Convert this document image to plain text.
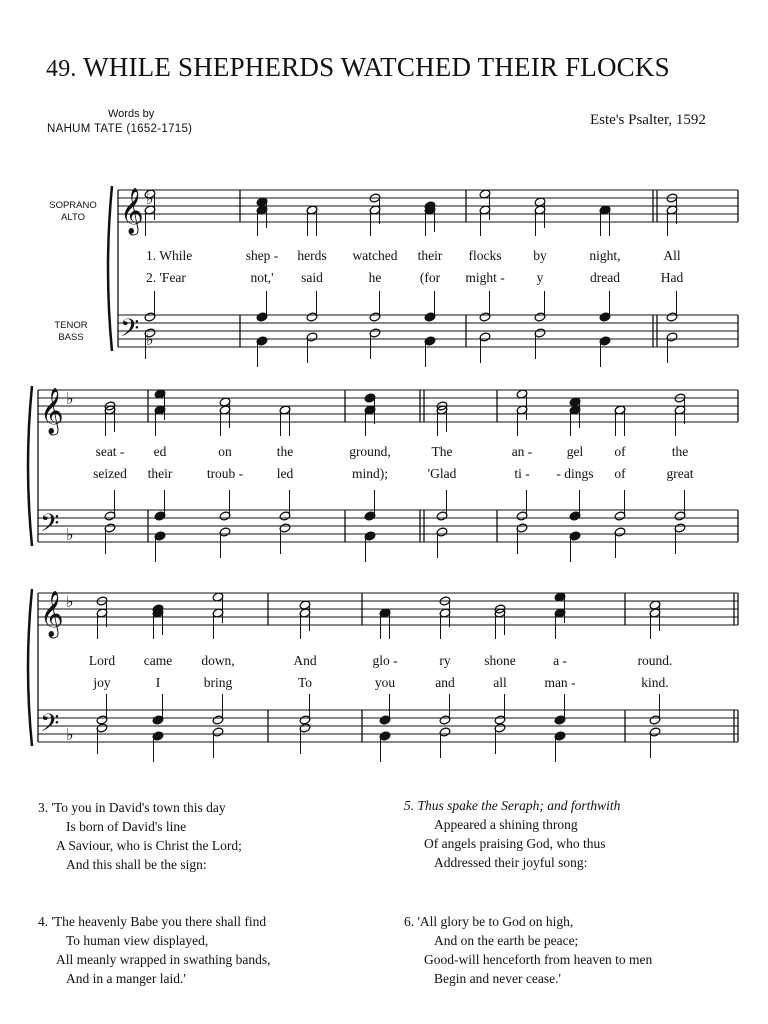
49. WHILE SHEPHERDS WATCHED THEIR FLOCKS
Words by
NAHUM TATE (1652-1715)
Este's Psalter, 1592
SOPRANO
ALTO
TENOR
BASS
𝄞
𝄢
♭
♭
𝄞
𝄢
♭
♭
𝄞
𝄢
♭
♭
1. While	shep - herds watched their flocks by	night,	All
2. 'Fear	not,' said	he	(for might - y	dread	Had
seat - ed	on	the	ground,	The	an -	gel of	the
seized their	troub - led	mind);	'Glad	ti - - dings of	great
Lord came down,	And	glo -	ry shone	a -	round.
joy	I	bring	To	you	and	all	man -	kind.
3. 'To you in David's town this day
Is born of David's line
A Saviour, who is Christ the Lord;
And this shall be the sign:
4. 'The heavenly Babe you there shall find
To human view displayed,
All meanly wrapped in swathing bands,
And in a manger laid.'
5. Thus spake the Seraph; and forthwith
Appeared a shining throng
Of angels praising God, who thus
Addressed their joyful song:
6. 'All glory be to God on high,
And on the earth be peace;
Good-will henceforth from heaven to men
Begin and never cease.'
